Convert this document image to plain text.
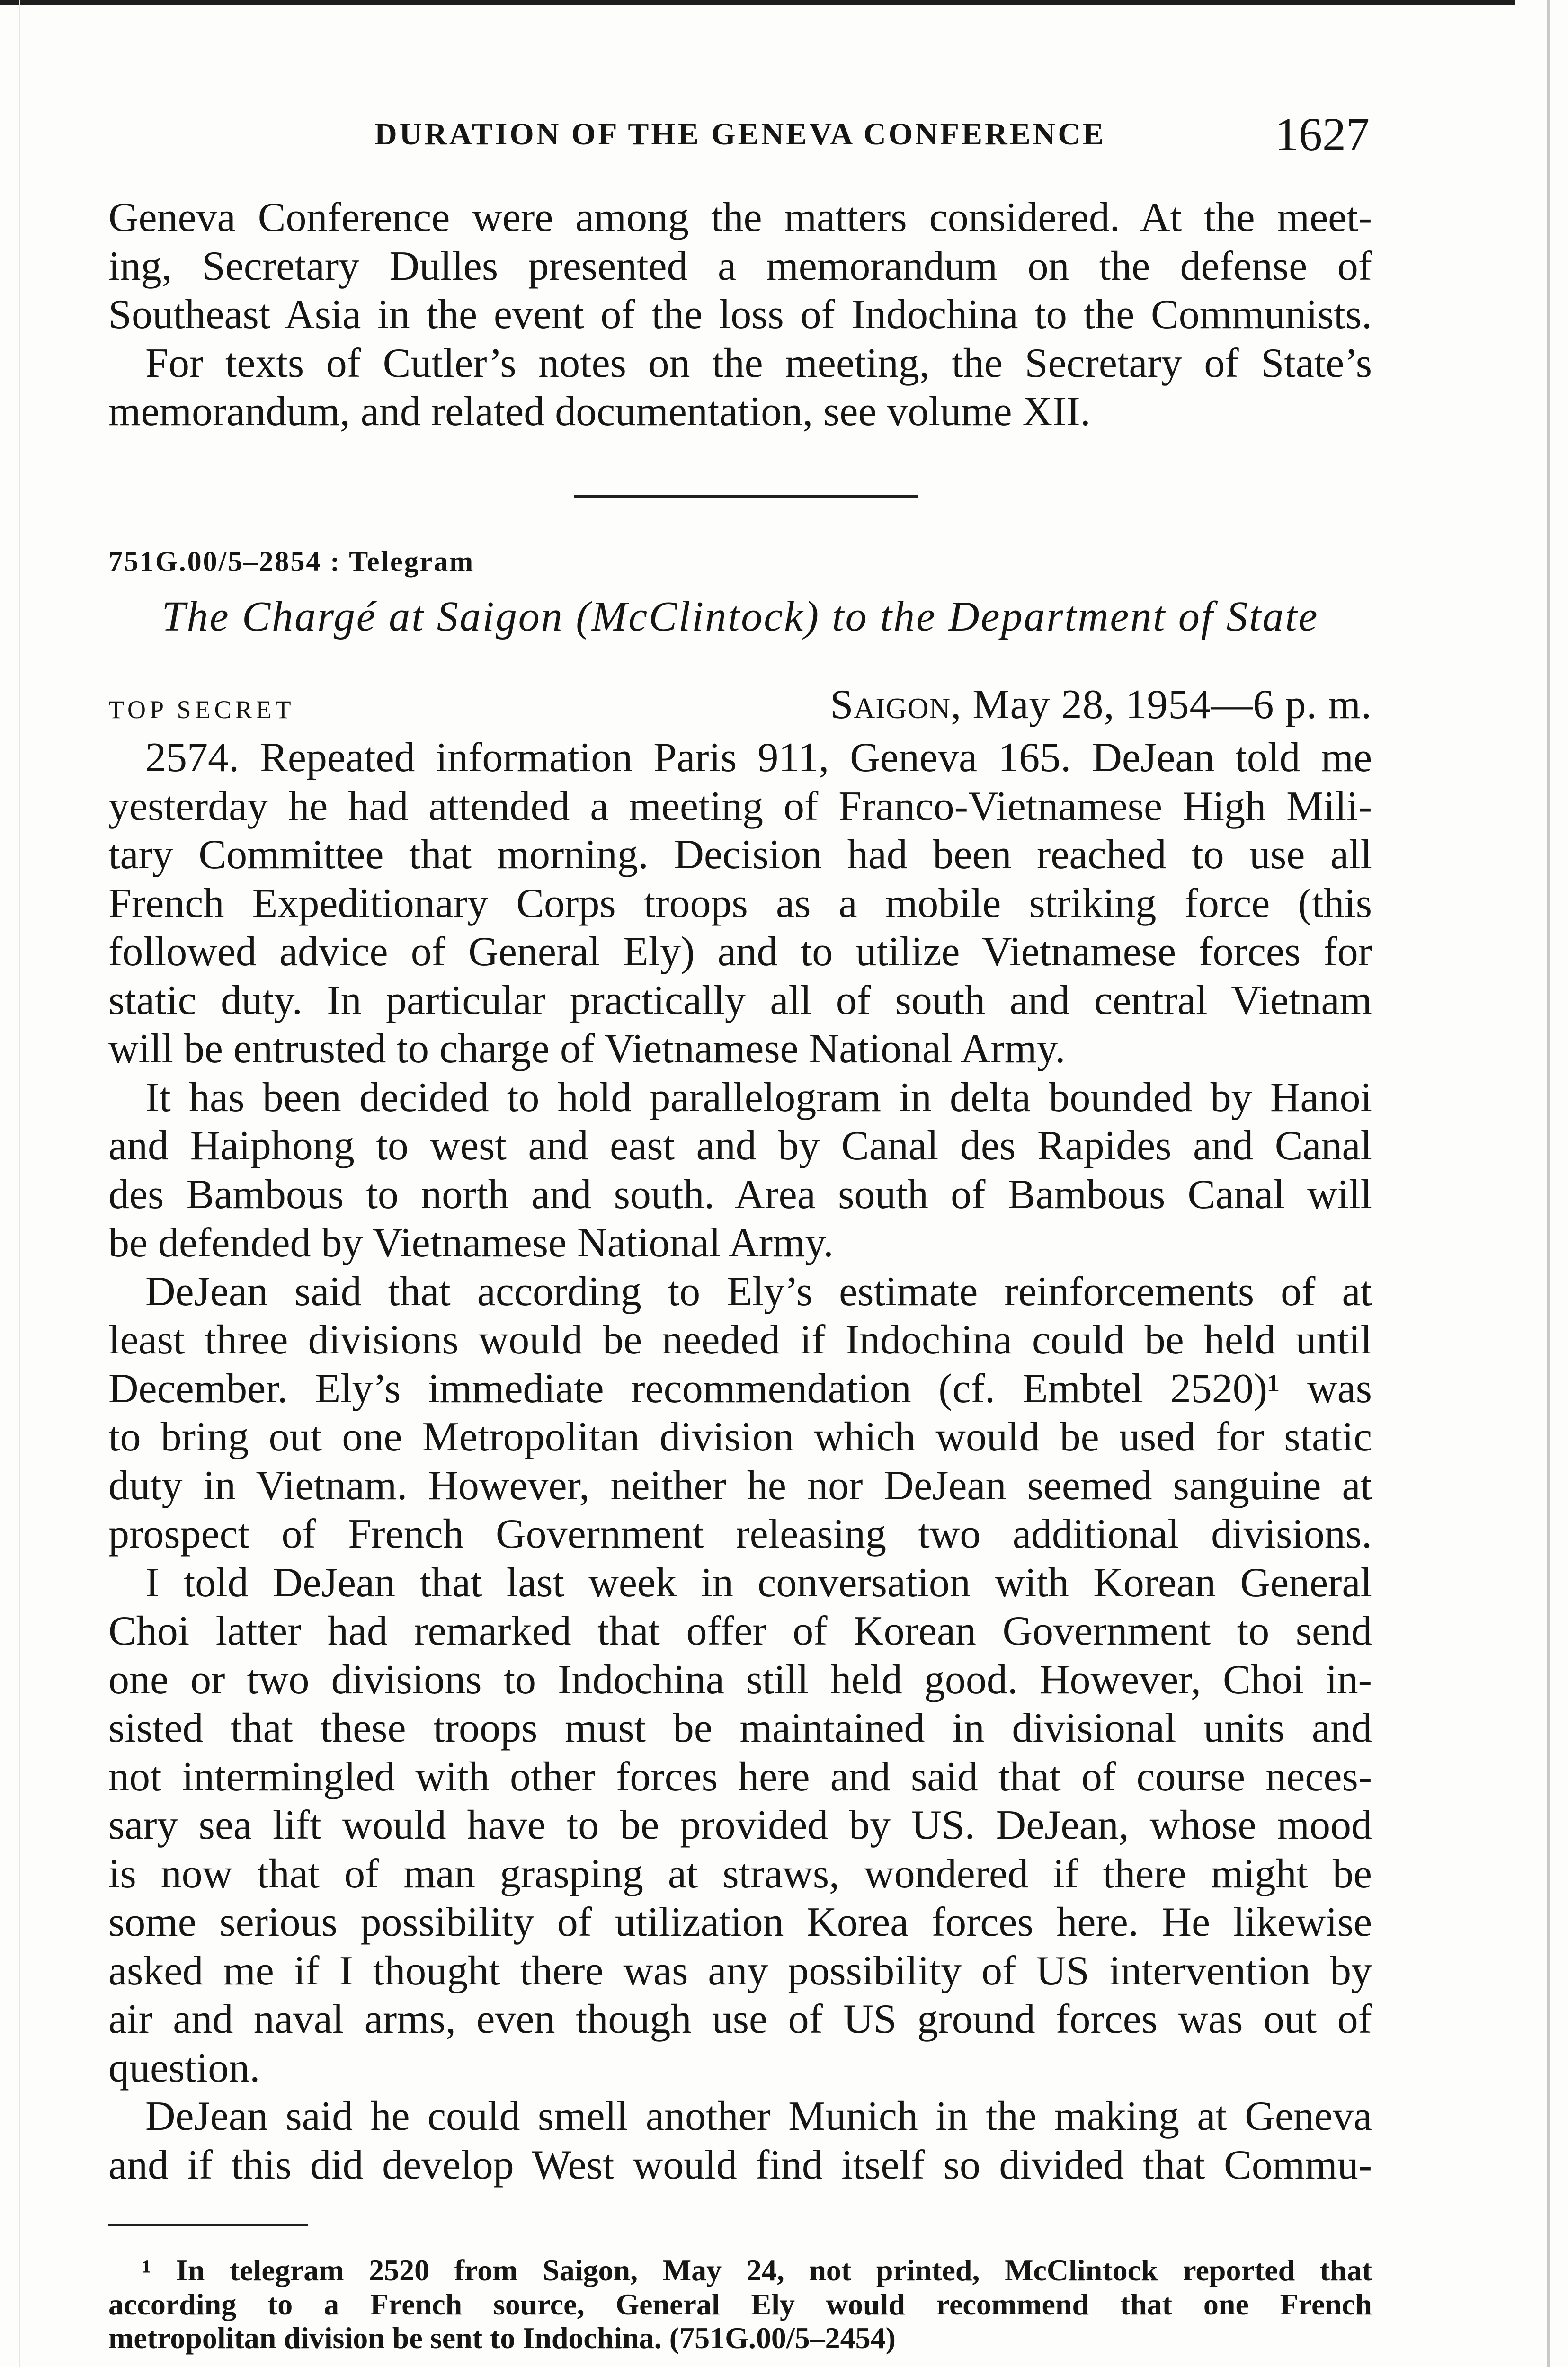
DURATION OF THE GENEVA CONFERENCE	1627
Geneva Conference were among the matters considered. At the meet-
ing, Secretary Dulles presented a memorandum on the defense of
Southeast Asia in the event of the loss of Indochina to the Communists.
For texts of Cutler’s notes on the meeting, the Secretary of State’s
memorandum, and related documentation, see volume XII.
751G.00/5–2854 : Telegram
The Chargé at Saigon (McClintock) to the Department of State
TOP SECRET	Saigon, May 28, 1954—6 p. m.
2574. Repeated information Paris 911, Geneva 165. DeJean told me
yesterday he had attended a meeting of Franco-Vietnamese High Mili-
tary Committee that morning. Decision had been reached to use all
French Expeditionary Corps troops as a mobile striking force (this
followed advice of General Ely) and to utilize Vietnamese forces for
static duty. In particular practically all of south and central Vietnam
will be entrusted to charge of Vietnamese National Army.
It has been decided to hold parallelogram in delta bounded by Hanoi
and Haiphong to west and east and by Canal des Rapides and Canal
des Bambous to north and south. Area south of Bambous Canal will
be defended by Vietnamese National Army.
DeJean said that according to Ely’s estimate reinforcements of at
least three divisions would be needed if Indochina could be held until
December. Ely’s immediate recommendation (cf. Embtel 2520)¹ was
to bring out one Metropolitan division which would be used for static
duty in Vietnam. However, neither he nor DeJean seemed sanguine at
prospect of French Government releasing two additional divisions.
I told DeJean that last week in conversation with Korean General
Choi latter had remarked that offer of Korean Government to send
one or two divisions to Indochina still held good. However, Choi in-
sisted that these troops must be maintained in divisional units and
not intermingled with other forces here and said that of course neces-
sary sea lift would have to be provided by US. DeJean, whose mood
is now that of man grasping at straws, wondered if there might be
some serious possibility of utilization Korea forces here. He likewise
asked me if I thought there was any possibility of US intervention by
air and naval arms, even though use of US ground forces was out of
question.
DeJean said he could smell another Munich in the making at Geneva
and if this did develop West would find itself so divided that Commu-
¹ In telegram 2520 from Saigon, May 24, not printed, McClintock reported that
according to a French source, General Ely would recommend that one French
metropolitan division be sent to Indochina. (751G.00/5–2454)
